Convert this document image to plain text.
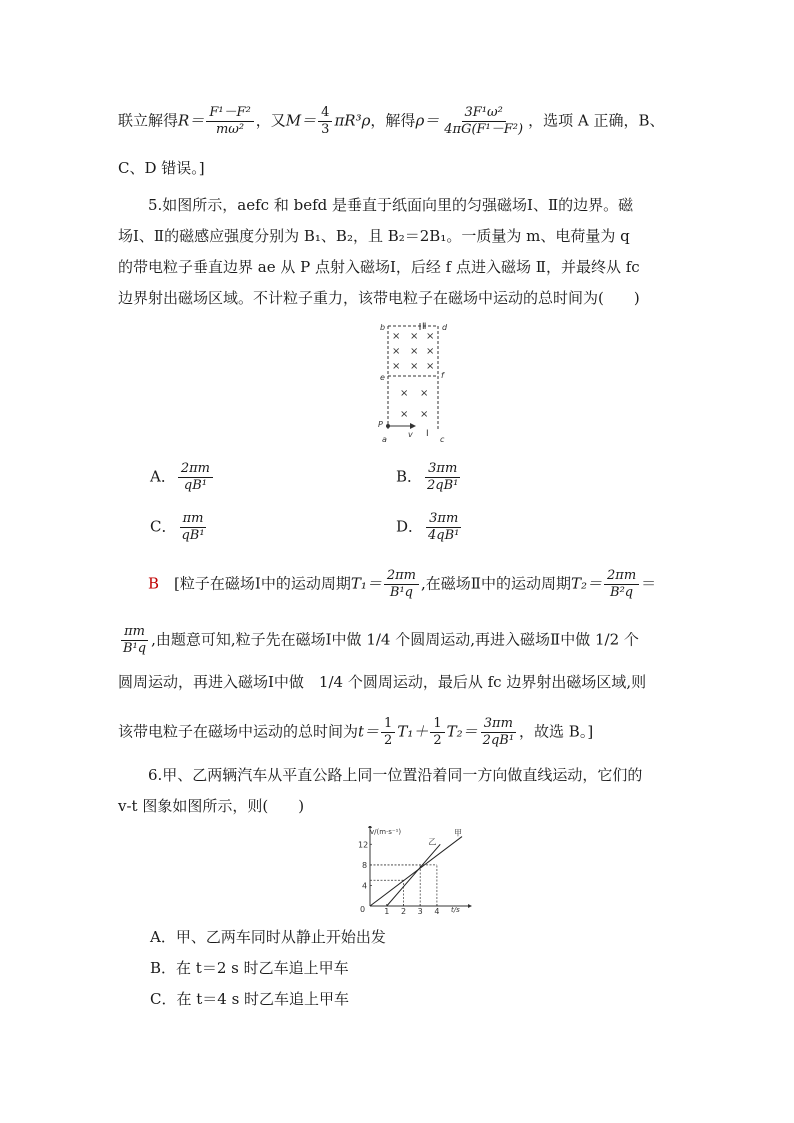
联立解得$R= \frac{\text{F¹－F²}}{\text{mω²}}$ ，又$M= \frac{4}{3} \pi R^3\rho$，解得$\rho= \frac{\text{3F¹ω²}}{\text{4πG(F¹－F²)}}$ ，选项 A 正确，B、
C、D 错误。]
5.如图所示，aefc 和 befd 是垂直于纸面向里的匀强磁场Ⅰ、Ⅱ的边界。磁
场Ⅰ、Ⅱ的磁感应强度分别为 B₁、B₂，且 B₂＝2B₁。一质量为 m、电荷量为 q
的带电粒子垂直边界 ae 从 P 点射入磁场Ⅰ，后经 f 点进入磁场 Ⅱ，并最终从 fc
边界射出磁场区域。不计粒子重力，该带电粒子在磁场中运动的总时间为(　　)
× × ×
× × ×
× × ×
× ×
× ×
b	d
e	f
P
a
v
c
Ⅱ
Ⅰ
A． $\frac{2\pi m}{\text{qB¹}}$	B． $\frac{3\pi m}{\text{2qB¹}}$
C． $\frac{\pi m}{\text{qB¹}}$	D． $\frac{3\pi m}{\text{4qB¹}}$
B　 [粒子在磁场Ⅰ中的运动周期$T_1= \frac{2\pi m}{\text{B¹q}}$ ,在磁场Ⅱ中的运动周期$T_2= \frac{2\pi m}{\text{B²q}}$ ＝
$\frac{\pi m}{\text{B¹q}}$ ,由题意可知,粒子先在磁场Ⅰ中做 1/4 个圆周运动,再进入磁场Ⅱ中做 1/2 个
圆周运动，再进入磁场Ⅰ中做　1/4 个圆周运动，最后从 fc 边界射出磁场区域,则
该带电粒子在磁场中运动的总时间为$t= \frac{1}{2} T_1+ \frac{1}{2} T_2= \frac{3\pi m}{\text{2qB¹}}$ ，故选 B。]
6.甲、乙两辆汽车从平直公路上同一位置沿着同一方向做直线运动，它们的
v-t 图象如图所示，则(　　)
甲
乙
1 2 3 4
4
8
12
v/(m·s⁻¹)
t/s
0
A．甲、乙两车同时从静止开始出发
B．在 t＝2 s 时乙车追上甲车
C．在 t＝4 s 时乙车追上甲车
